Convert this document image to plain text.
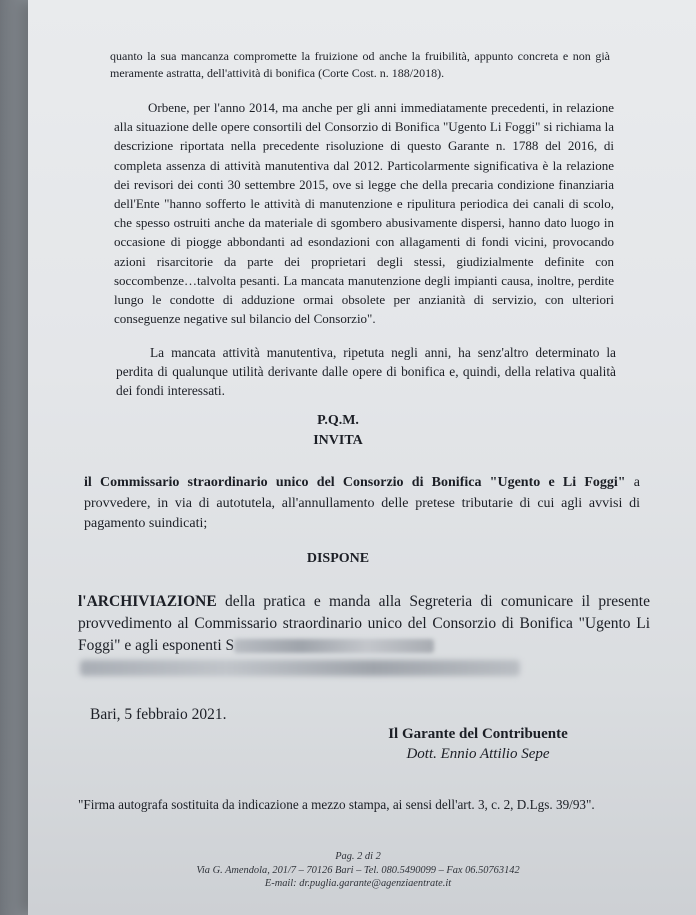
quanto la sua mancanza compromette la fruizione od anche la fruibilità, appunto concreta e non già meramente astratta, dell'attività di bonifica (Corte Cost. n. 188/2018).

Orbene, per l'anno 2014, ma anche per gli anni immediatamente precedenti, in relazione alla situazione delle opere consortili del Consorzio di Bonifica "Ugento Li Foggi" si richiama la descrizione riportata nella precedente risoluzione di questo Garante n. 1788 del 2016, di completa assenza di attività manutentiva dal 2012. Particolarmente significativa è la relazione dei revisori dei conti 30 settembre 2015, ove si legge che della precaria condizione finanziaria dell'Ente "hanno sofferto le attività di manutenzione e ripulitura periodica dei canali di scolo, che spesso ostruiti anche da materiale di sgombero abusivamente dispersi, hanno dato luogo in occasione di piogge abbondanti ad esondazioni con allagamenti di fondi vicini, provocando azioni risarcitorie da parte dei proprietari degli stessi, giudizialmente definite con soccombenze…talvolta pesanti. La mancata manutenzione degli impianti causa, inoltre, perdite lungo le condotte di adduzione ormai obsolete per anzianità di servizio, con ulteriori conseguenze negative sul bilancio del Consorzio".

La mancata attività manutentiva, ripetuta negli anni, ha senz'altro determinato la perdita di qualunque utilità derivante dalle opere di bonifica e, quindi, della relativa qualità dei fondi interessati.

P.Q.M.
INVITA

il Commissario straordinario unico del Consorzio di Bonifica "Ugento e Li Foggi" a provvedere, in via di autotutela, all'annullamento delle pretese tributarie di cui agli avvisi di pagamento suindicati;

DISPONE

l'ARCHIVIAZIONE della pratica e manda alla Segreteria di comunicare il presente provvedimento al Commissario straordinario unico del Consorzio di Bonifica "Ugento Li Foggi" e agli esponenti S

Bari, 5 febbraio 2021.
Il Garante del Contribuente
Dott. Ennio Attilio Sepe
"Firma autografa sostituita da indicazione a mezzo stampa, ai sensi dell'art. 3, c. 2, D.Lgs. 39/93".
Pag. 2 di 2
Via G. Amendola, 201/7 – 70126 Bari – Tel. 080.5490099 – Fax 06.50763142
E-mail: dr.puglia.garante@agenziaentrate.it
